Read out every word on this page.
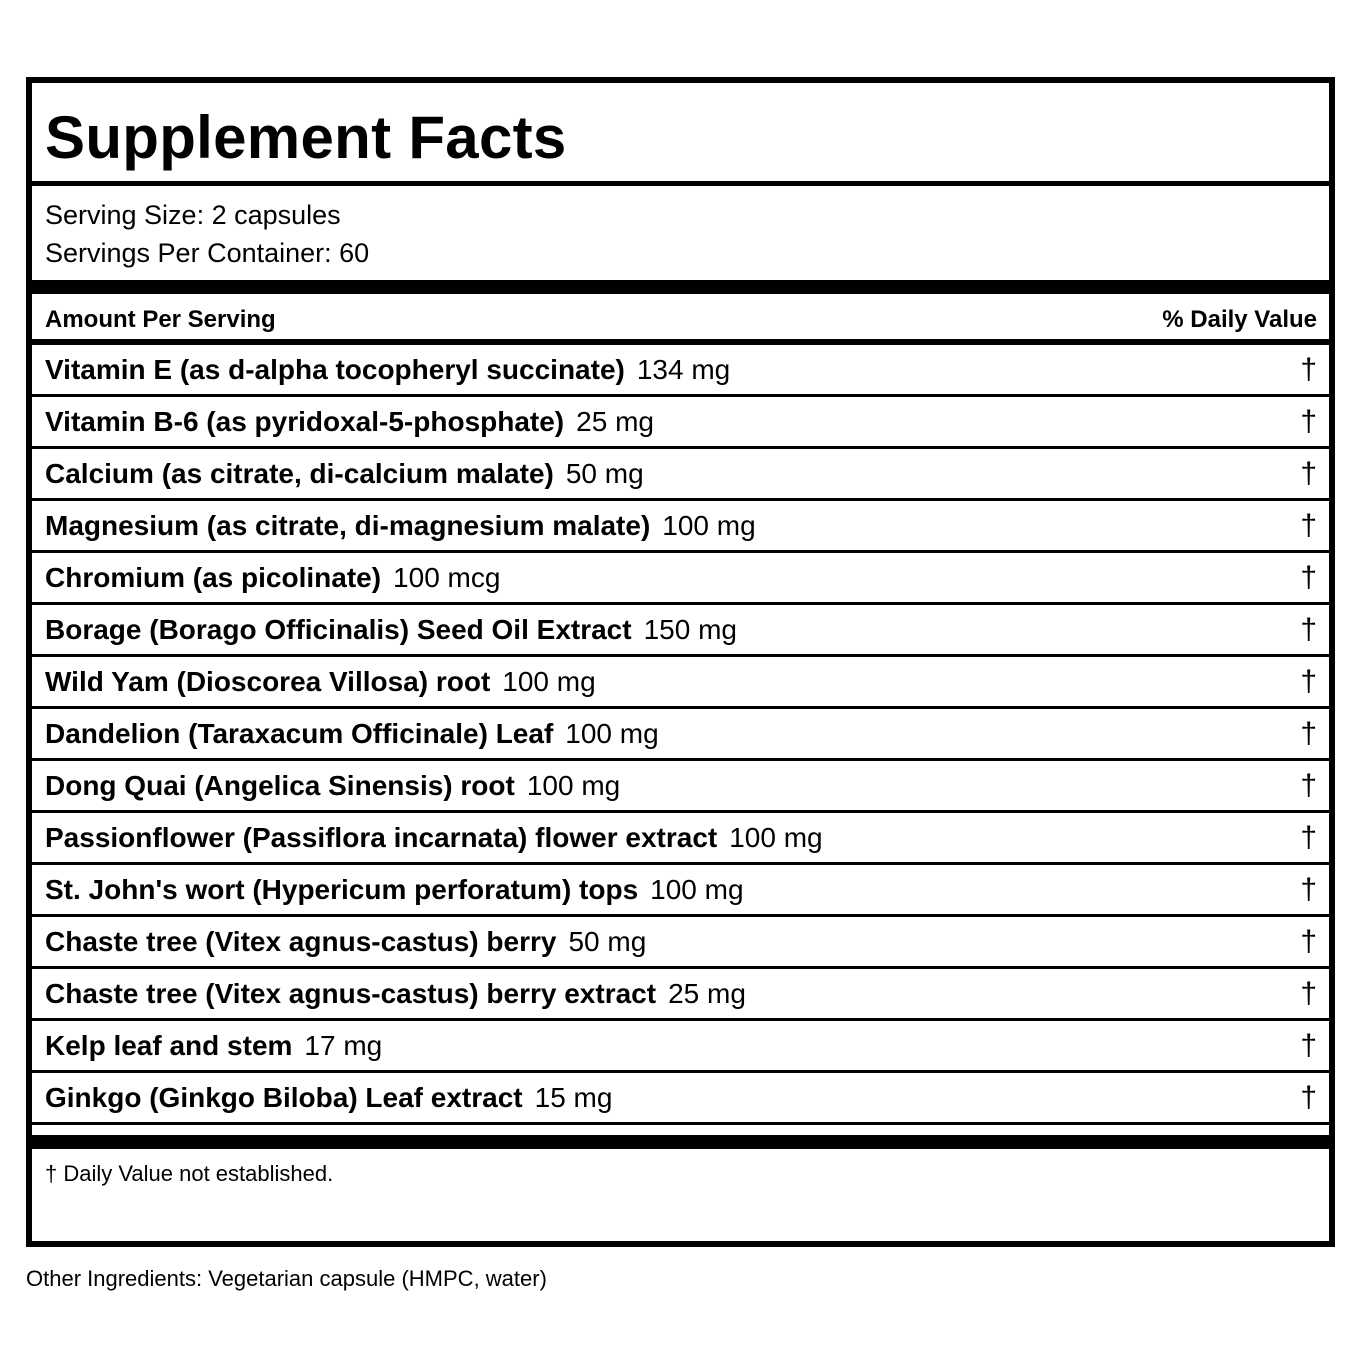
Supplement Facts
Serving Size: 2 capsules
Servings Per Container: 60
Amount Per Serving	% Daily Value
Vitamin E (as d-alpha tocopheryl succinate) 134 mg	†
Vitamin B-6 (as pyridoxal-5-phosphate) 25 mg	†
Calcium (as citrate, di-calcium malate) 50 mg	†
Magnesium (as citrate, di-magnesium malate) 100 mg	†
Chromium (as picolinate) 100 mcg	†
Borage (Borago Officinalis) Seed Oil Extract 150 mg	†
Wild Yam (Dioscorea Villosa) root 100 mg	†
Dandelion (Taraxacum Officinale) Leaf 100 mg	†
Dong Quai (Angelica Sinensis) root 100 mg	†
Passionflower (Passiflora incarnata) flower extract 100 mg	†
St. John's wort (Hypericum perforatum) tops 100 mg	†
Chaste tree (Vitex agnus-castus) berry 50 mg	†
Chaste tree (Vitex agnus-castus) berry extract 25 mg	†
Kelp leaf and stem 17 mg	†
Ginkgo (Ginkgo Biloba) Leaf extract 15 mg	†
† Daily Value not established.
Other Ingredients: Vegetarian capsule (HMPC, water)
